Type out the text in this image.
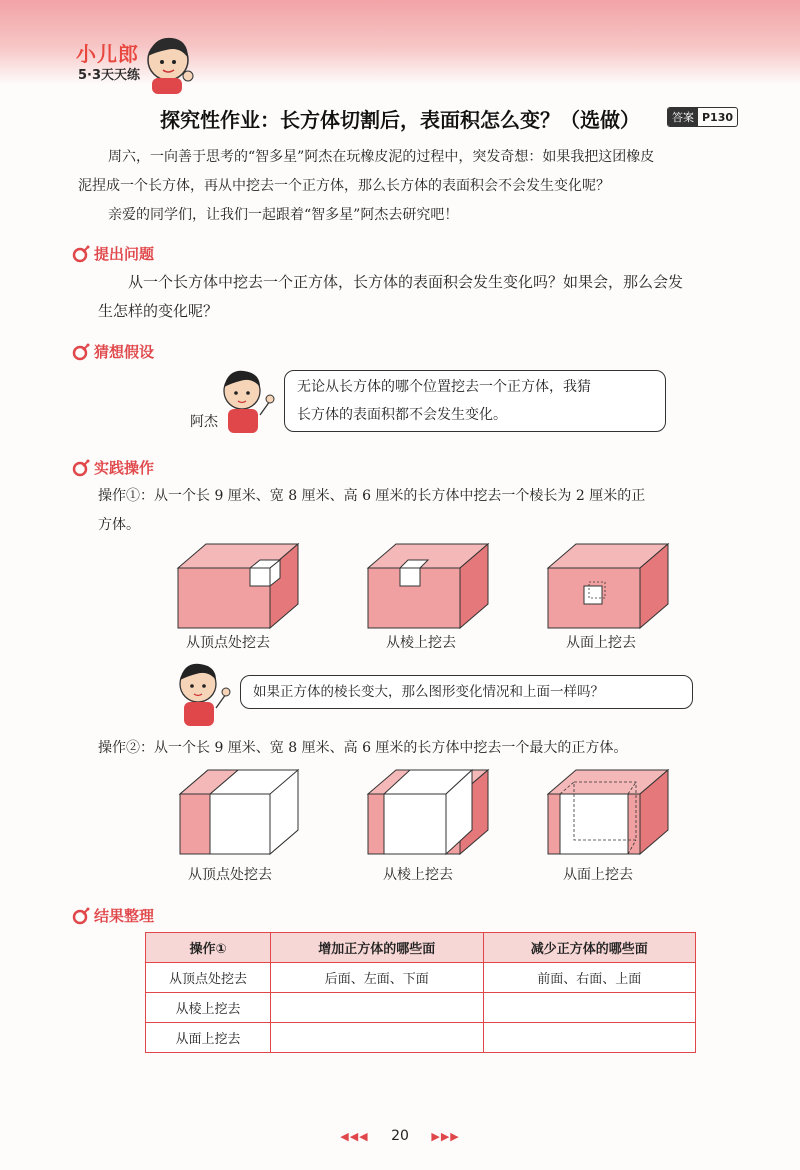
小儿郎
5·3天天练
探究性作业：长方体切割后，表面积怎么变？（选做）	答案 P130
周六，一向善于思考的“智多星”阿杰在玩橡皮泥的过程中，突发奇想：如果我把这团橡皮
泥捏成一个长方体，再从中挖去一个正方体，那么长方体的表面积会不会发生变化呢？
亲爱的同学们，让我们一起跟着“智多星”阿杰去研究吧！
提出问题
从一个长方体中挖去一个正方体，长方体的表面积会发生变化吗？如果会，那么会发
生怎样的变化呢？
猜想假设
阿杰
无论从长方体的哪个位置挖去一个正方体，我猜
长方体的表面积都不会发生变化。
实践操作
操作①：从一个长 9 厘米、宽 8 厘米、高 6 厘米的长方体中挖去一个棱长为 2 厘米的正
方体。
从顶点处挖去	从棱上挖去	从面上挖去
如果正方体的棱长变大，那么图形变化情况和上面一样吗？
操作②：从一个长 9 厘米、宽 8 厘米、高 6 厘米的长方体中挖去一个最大的正方体。
从顶点处挖去	从棱上挖去	从面上挖去
结果整理
操作①	增加正方体的哪些面	减少正方体的哪些面
从顶点处挖去	后面、左面、下面	前面、右面、上面
从棱上挖去		
从面上挖去		
◀◀◀ 20 ▶▶▶
